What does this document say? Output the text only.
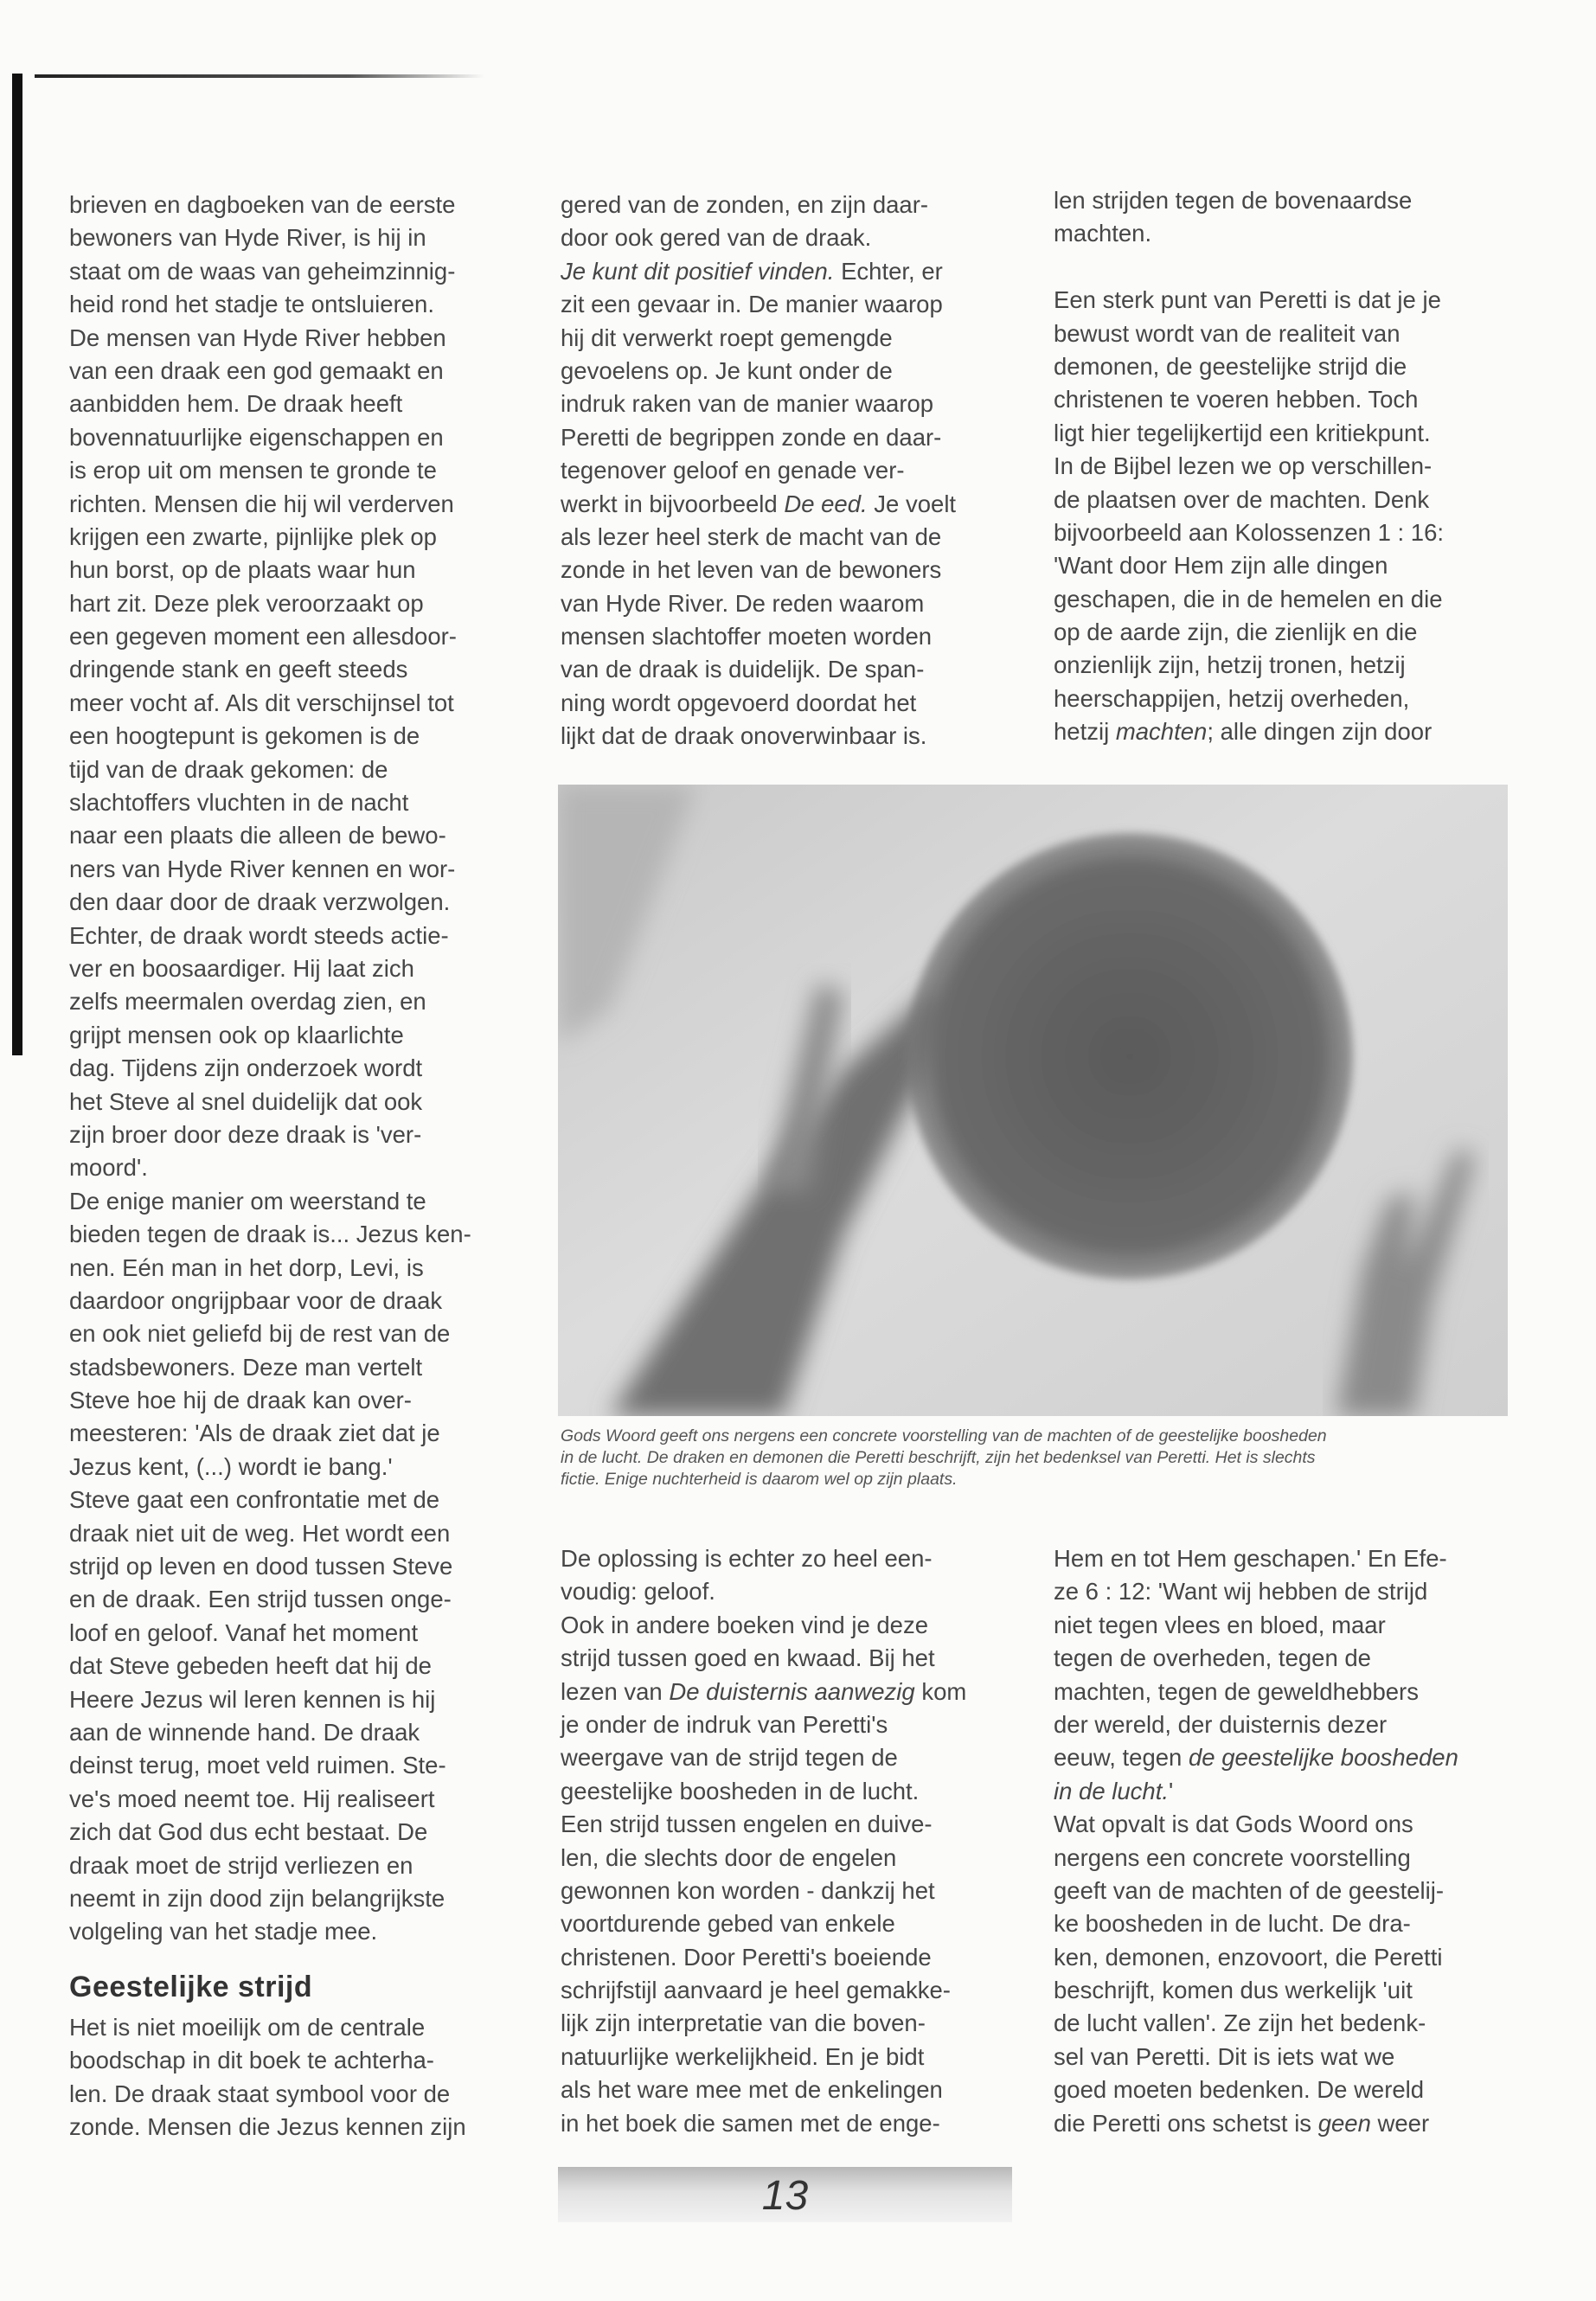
brieven en dagboeken van de eerste
bewoners van Hyde River, is hij in
staat om de waas van geheimzinnig-
heid rond het stadje te ontsluieren.
De mensen van Hyde River hebben
van een draak een god gemaakt en
aanbidden hem. De draak heeft
bovennatuurlijke eigenschappen en
is erop uit om mensen te gronde te
richten. Mensen die hij wil verderven
krijgen een zwarte, pijnlijke plek op
hun borst, op de plaats waar hun
hart zit. Deze plek veroorzaakt op
een gegeven moment een allesdoor-
dringende stank en geeft steeds
meer vocht af. Als dit verschijnsel tot
een hoogtepunt is gekomen is de
tijd van de draak gekomen: de
slachtoffers vluchten in de nacht
naar een plaats die alleen de bewo-
ners van Hyde River kennen en wor-
den daar door de draak verzwolgen.
Echter, de draak wordt steeds actie-
ver en boosaardiger. Hij laat zich
zelfs meermalen overdag zien, en
grijpt mensen ook op klaarlichte
dag. Tijdens zijn onderzoek wordt
het Steve al snel duidelijk dat ook
zijn broer door deze draak is 'ver-
moord'.
De enige manier om weerstand te
bieden tegen de draak is... Jezus ken-
nen. Eén man in het dorp, Levi, is
daardoor ongrijpbaar voor de draak
en ook niet geliefd bij de rest van de
stadsbewoners. Deze man vertelt
Steve hoe hij de draak kan over-
meesteren: 'Als de draak ziet dat je
Jezus kent, (...) wordt ie bang.'
Steve gaat een confrontatie met de
draak niet uit de weg. Het wordt een
strijd op leven en dood tussen Steve
en de draak. Een strijd tussen onge-
loof en geloof. Vanaf het moment
dat Steve gebeden heeft dat hij de
Heere Jezus wil leren kennen is hij
aan de winnende hand. De draak
deinst terug, moet veld ruimen. Ste-
ve's moed neemt toe. Hij realiseert
zich dat God dus echt bestaat. De
draak moet de strijd verliezen en
neemt in zijn dood zijn belangrijkste
volgeling van het stadje mee.
Geestelijke strijd
Het is niet moeilijk om de centrale
boodschap in dit boek te achterha-
len. De draak staat symbool voor de
zonde. Mensen die Jezus kennen zijn
gered van de zonden, en zijn daar-
door ook gered van de draak.
Je kunt dit positief vinden. Echter, er
zit een gevaar in. De manier waarop
hij dit verwerkt roept gemengde
gevoelens op. Je kunt onder de
indruk raken van de manier waarop
Peretti de begrippen zonde en daar-
tegenover geloof en genade ver-
werkt in bijvoorbeeld De eed. Je voelt
als lezer heel sterk de macht van de
zonde in het leven van de bewoners
van Hyde River. De reden waarom
mensen slachtoffer moeten worden
van de draak is duidelijk. De span-
ning wordt opgevoerd doordat het
lijkt dat de draak onoverwinbaar is.
len strijden tegen de bovenaardse
machten.
Een sterk punt van Peretti is dat je je
bewust wordt van de realiteit van
demonen, de geestelijke strijd die
christenen te voeren hebben. Toch
ligt hier tegelijkertijd een kritiekpunt.
In de Bijbel lezen we op verschillen-
de plaatsen over de machten. Denk
bijvoorbeeld aan Kolossenzen 1 : 16:
'Want door Hem zijn alle dingen
geschapen, die in de hemelen en die
op de aarde zijn, die zienlijk en die
onzienlijk zijn, hetzij tronen, hetzij
heerschappijen, hetzij overheden,
hetzij machten; alle dingen zijn door
Gods Woord geeft ons nergens een concrete voorstelling van de machten of de geestelijke boosheden
in de lucht. De draken en demonen die Peretti beschrijft, zijn het bedenksel van Peretti. Het is slechts
fictie. Enige nuchterheid is daarom wel op zijn plaats.
De oplossing is echter zo heel een-
voudig: geloof.
Ook in andere boeken vind je deze
strijd tussen goed en kwaad. Bij het
lezen van De duisternis aanwezig kom
je onder de indruk van Peretti's
weergave van de strijd tegen de
geestelijke boosheden in de lucht.
Een strijd tussen engelen en duive-
len, die slechts door de engelen
gewonnen kon worden - dankzij het
voortdurende gebed van enkele
christenen. Door Peretti's boeiende
schrijfstijl aanvaard je heel gemakke-
lijk zijn interpretatie van die boven-
natuurlijke werkelijkheid. En je bidt
als het ware mee met de enkelingen
in het boek die samen met de enge-
Hem en tot Hem geschapen.' En Efe-
ze 6 : 12: 'Want wij hebben de strijd
niet tegen vlees en bloed, maar
tegen de overheden, tegen de
machten, tegen de geweldhebbers
der wereld, der duisternis dezer
eeuw, tegen de geestelijke boosheden
in de lucht.'
Wat opvalt is dat Gods Woord ons
nergens een concrete voorstelling
geeft van de machten of de geestelij-
ke boosheden in de lucht. De dra-
ken, demonen, enzovoort, die Peretti
beschrijft, komen dus werkelijk 'uit
de lucht vallen'. Ze zijn het bedenk-
sel van Peretti. Dit is iets wat we
goed moeten bedenken. De wereld
die Peretti ons schetst is geen weer
13
